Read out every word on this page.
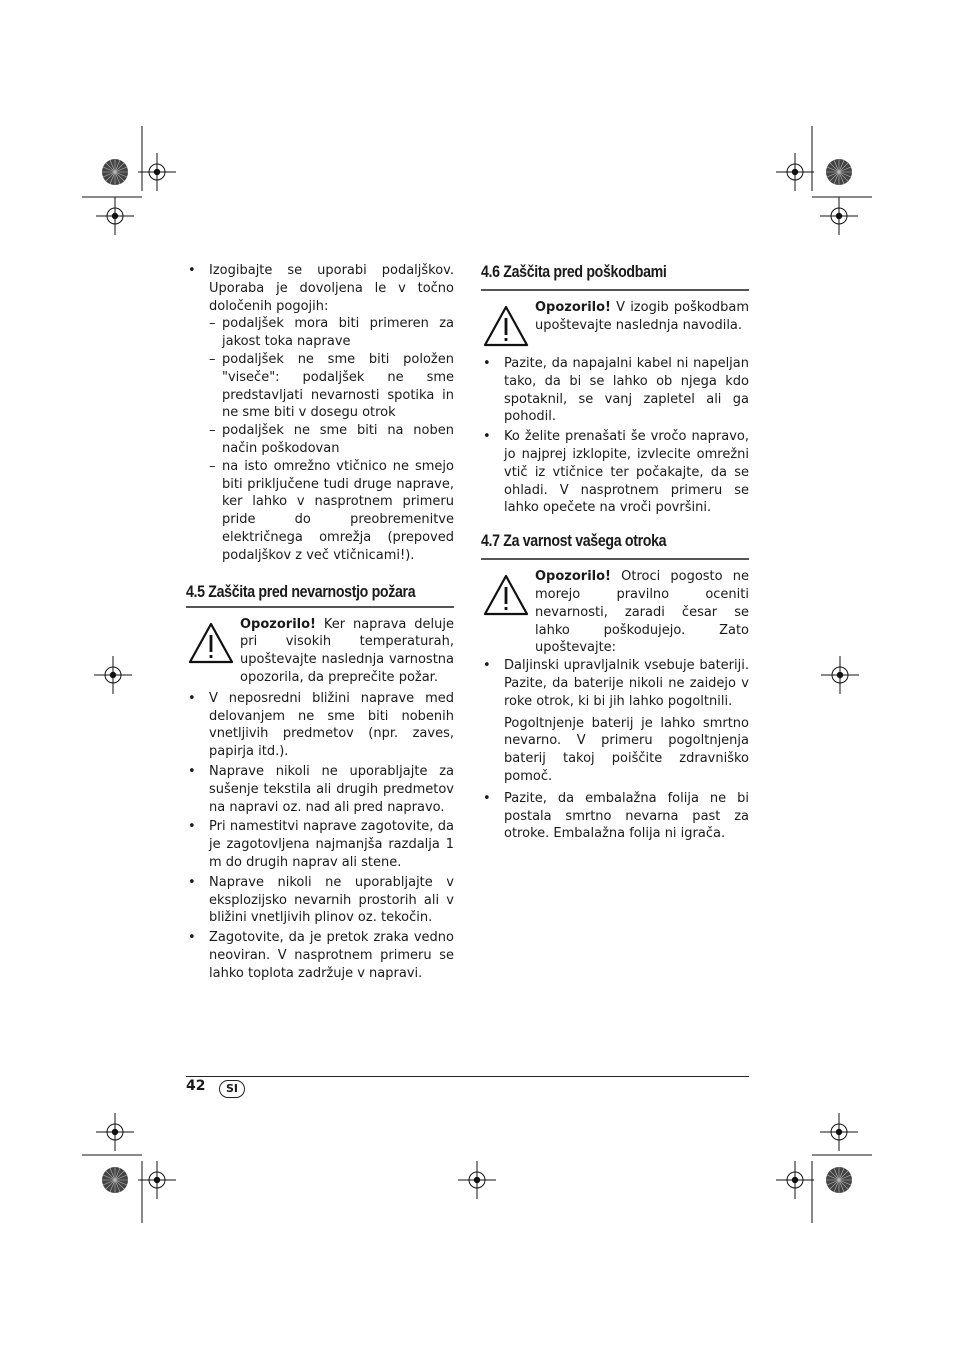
• Izogibajte se uporabi podaljškov. Uporaba je dovoljena le v točno določenih pogojih:
– podaljšek mora biti primeren za jakost toka naprave
– podaljšek ne sme biti položen "viseče": podaljšek ne sme predstavljati nevarnosti spotika in ne sme biti v dosegu otrok
– podaljšek ne sme biti na noben način poškodovan
– na isto omrežno vtičnico ne smejo biti priključene tudi druge naprave, ker lahko v nasprotnem primeru pride do preobremenitve električnega omrežja (prepoved podaljškov z več vtičnicami!).
4.5 Zaščita pred nevarnostjo požara
Opozorilo! Ker naprava deluje pri visokih temperaturah, upoštevajte naslednja varnostna opozorila, da preprečite požar.
• V neposredni bližini naprave med delovanjem ne sme biti nobenih vnetljivih predmetov (npr. zaves, papirja itd.).
• Naprave nikoli ne uporabljajte za sušenje tekstila ali drugih predmetov na napravi oz. nad ali pred napravo.
• Pri namestitvi naprave zagotovite, da je zagotovljena najmanjša razdalja 1 m do drugih naprav ali stene.
• Naprave nikoli ne uporabljajte v eksplozijsko nevarnih prostorih ali v bližini vnetljivih plinov oz. tekočin.
• Zagotovite, da je pretok zraka vedno neoviran. V nasprotnem primeru se lahko toplota zadržuje v napravi.
4.6 Zaščita pred poškodbami
Opozorilo! V izogib poškodbam upoštevajte naslednja navodila.
• Pazite, da napajalni kabel ni napeljan tako, da bi se lahko ob njega kdo spotaknil, se vanj zapletel ali ga pohodil.
• Ko želite prenašati še vročo napravo, jo najprej izklopite, izvlecite omrežni vtič iz vtičnice ter počakajte, da se ohladi. V nasprotnem primeru se lahko opečete na vroči površini.
4.7 Za varnost vašega otroka
Opozorilo! Otroci pogosto ne morejo pravilno oceniti nevarnosti, zaradi česar se lahko poškodujejo. Zato upoštevajte:
• Daljinski upravljalnik vsebuje bateriji. Pazite, da baterije nikoli ne zaidejo v roke otrok, ki bi jih lahko pogoltnili.

Pogoltnjenje baterij je lahko smrtno nevarno. V primeru pogoltnjenja baterij takoj poiščite zdravniško pomoč.

• Pazite, da embalažna folija ne bi postala smrtno nevarna past za otroke. Embalažna folija ni igrača.
42	SI
